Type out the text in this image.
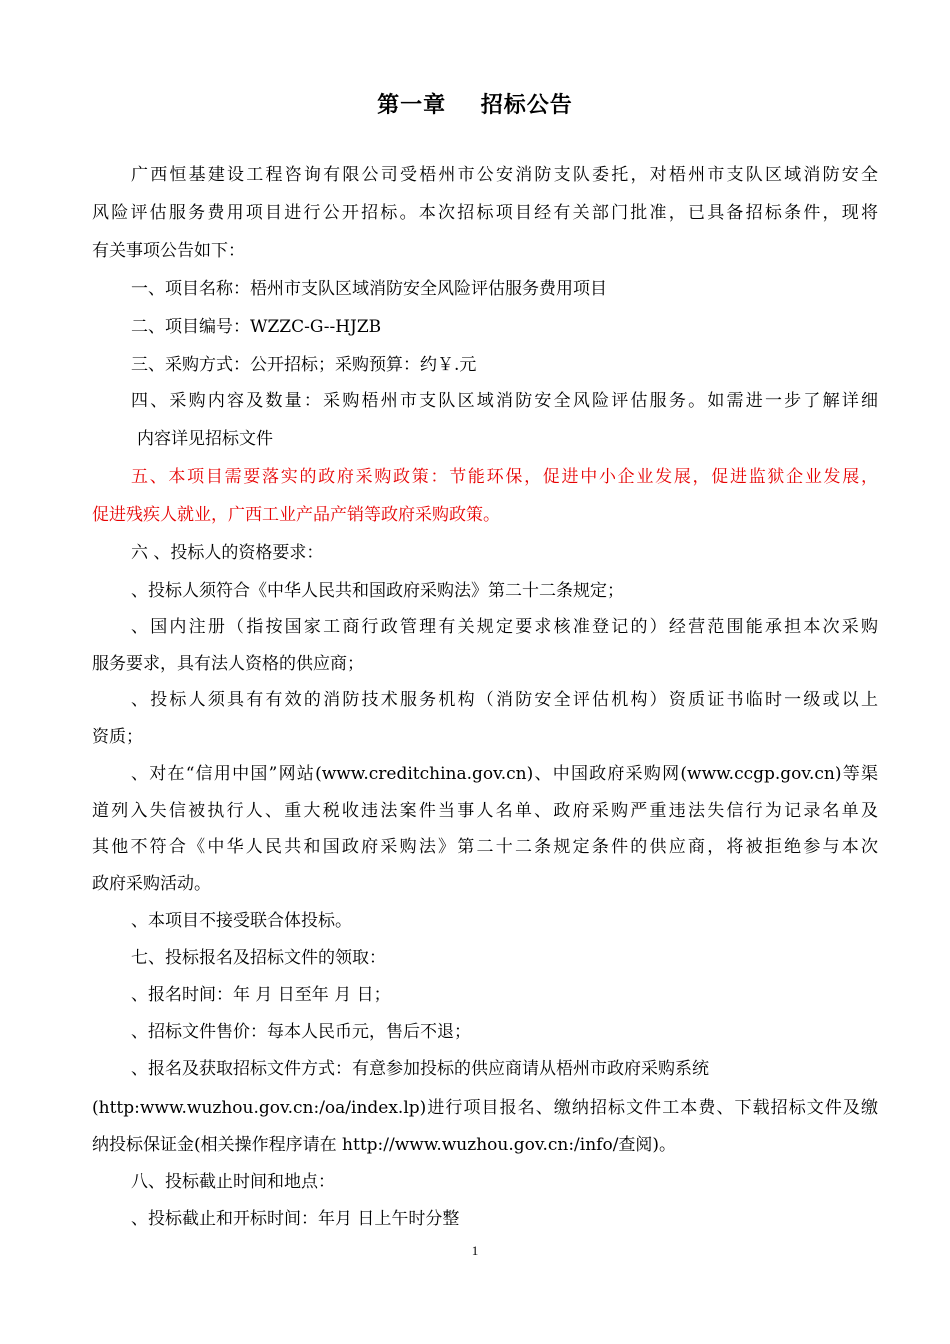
第一章    招标公告
广西恒基建设工程咨询有限公司受梧州市公安消防支队委托，对梧州市支队区域消防安全
风险评估服务费用项目进行公开招标。本次招标项目经有关部门批准，已具备招标条件，现将
有关事项公告如下：
一、项目名称：梧州市支队区域消防安全风险评估服务费用项目
二、项目编号：WZZC-G--HJZB
三、采购方式：公开招标；采购预算：约￥.元
四、采购内容及数量：采购梧州市支队区域消防安全风险评估服务。如需进一步了解详细
内容详见招标文件
五、本项目需要落实的政府采购政策：节能环保，促进中小企业发展，促进监狱企业发展，
促进残疾人就业，广西工业产品产销等政府采购政策。
六 、投标人的资格要求：
、投标人须符合《中华人民共和国政府采购法》第二十二条规定；
、国内注册（指按国家工商行政管理有关规定要求核准登记的）经营范围能承担本次采购
服务要求，具有法人资格的供应商；
、投标人须具有有效的消防技术服务机构（消防安全评估机构）资质证书临时一级或以上
资质；
、对在“信用中国”网站(www.creditchina.gov.cn)、中国政府采购网(www.ccgp.gov.cn)等渠
道列入失信被执行人、重大税收违法案件当事人名单、政府采购严重违法失信行为记录名单及
其他不符合《中华人民共和国政府采购法》第二十二条规定条件的供应商，将被拒绝参与本次
政府采购活动。
、本项目不接受联合体投标。
七、投标报名及招标文件的领取：
、报名时间：年 月 日至年 月 日；
、招标文件售价：每本人民币元，售后不退；
、报名及获取招标文件方式：有意参加投标的供应商请从梧州市政府采购系统
(http:www.wuzhou.gov.cn:/oa/index.lp)进行项目报名、缴纳招标文件工本费、下载招标文件及缴
纳投标保证金(相关操作程序请在 http://www.wuzhou.gov.cn:/info/查阅)。
八、投标截止时间和地点：
、投标截止和开标时间：年月 日上午时分整
1
